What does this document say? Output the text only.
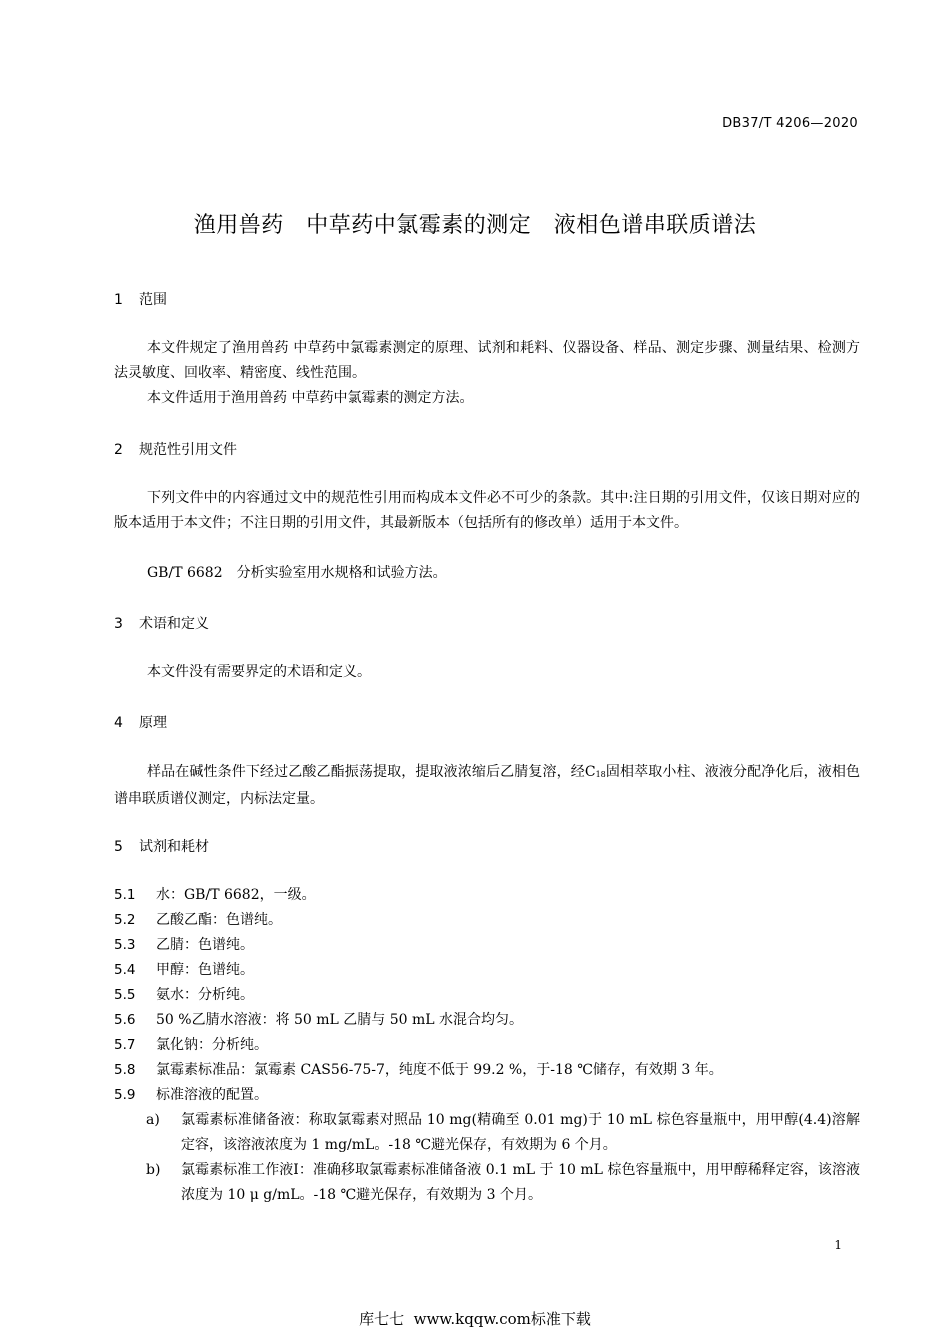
DB37/T 4206—2020
渔用兽药　中草药中氯霉素的测定　液相色谱串联质谱法
1 范围
本文件规定了渔用兽药 中草药中氯霉素测定的原理、试剂和耗料、仪器设备、样品、测定步骤、测量结果、检测方法灵敏度、回收率、精密度、线性范围。
本文件适用于渔用兽药 中草药中氯霉素的测定方法。
2 规范性引用文件
下列文件中的内容通过文中的规范性引用而构成本文件必不可少的条款。其中:注日期的引用文件，仅该日期对应的版本适用于本文件；不注日期的引用文件，其最新版本（包括所有的修改单）适用于本文件。
GB/T 6682　分析实验室用水规格和试验方法。
3 术语和定义
本文件没有需要界定的术语和定义。
4 原理
样品在碱性条件下经过乙酸乙酯振荡提取，提取液浓缩后乙腈复溶，经$C_{18}$固相萃取小柱、液液分配净化后，液相色谱串联质谱仪测定，内标法定量。
5 试剂和耗材
5.1 水：GB/T 6682，一级。
5.2 乙酸乙酯：色谱纯。
5.3 乙腈：色谱纯。
5.4 甲醇：色谱纯。
5.5 氨水：分析纯。
5.6 50 %乙腈水溶液：将 50 mL 乙腈与 50 mL 水混合均匀。
5.7 氯化钠：分析纯。
5.8 氯霉素标准品：氯霉素 CAS56-75-7，纯度不低于 99.2 %，于-18 ℃储存，有效期 3 年。
5.9 标准溶液的配置。
a) 氯霉素标准储备液：称取氯霉素对照品 10 mg(精确至 0.01 mg)于 10 mL 棕色容量瓶中，用甲醇(4.4)溶解定容，该溶液浓度为 1 mg/mL。-18 ℃避光保存，有效期为 6 个月。
b) 氯霉素标准工作液Ⅰ：准确移取氯霉素标准储备液 0.1 mL 于 10 mL 棕色容量瓶中，用甲醇稀释定容，该溶液浓度为 10 μ g/mL。-18 ℃避光保存，有效期为 3 个月。
1
库七七  www.kqqw.com标准下载
